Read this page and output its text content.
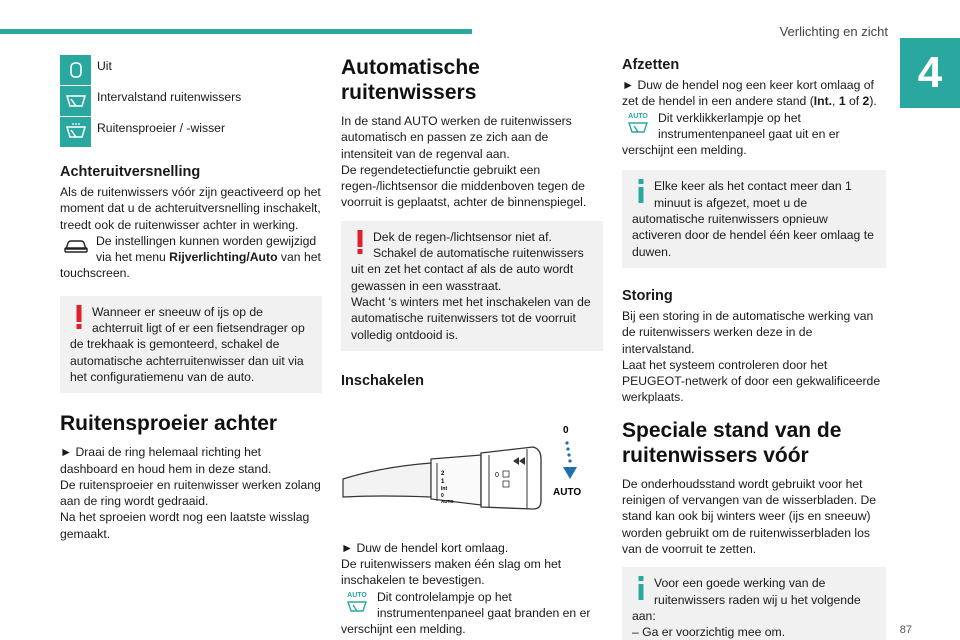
Verlichting en zicht
4
87
Uit
Intervalstand ruitenwissers
Ruitensproeier / -wisser
Achteruitversnelling

Als de ruitenwissers vóór zijn geactiveerd op het moment dat u de achteruitversnelling inschakelt, treedt ook de ruitenwisser achter in werking.

De instellingen kunnen worden gewijzigd via het menu Rijverlichting/Auto van het touchscreen.

Wanneer er sneeuw of ijs op de achterruit ligt of er een fietsendrager op de trekhaak is gemonteerd, schakel de automatische achterruitenwisser dan uit via het configuratiemenu van de auto.

Ruitensproeier achter

► Draai de ring helemaal richting het dashboard en houd hem in deze stand.

De ruitensproeier en ruitenwisser werken zolang aan de ring wordt gedraaid.

Na het sproeien wordt nog een laatste wisslag gemaakt.

Automatische ruitenwissers

In de stand AUTO werken de ruitenwissers automatisch en passen ze zich aan de intensiteit van de regenval aan.

De regendetectiefunctie gebruikt een regen-/lichtsensor die middenboven tegen de voorruit is geplaatst, achter de binnenspiegel.

Dek de regen-/lichtsensor niet af.

Schakel de automatische ruitenwissers uit en zet het contact af als de auto wordt gewassen in een wasstraat.

Wacht 's winters met het inschakelen van de automatische ruitenwissers tot de voorruit volledig ontdooid is.

Inschakelen
2
1
Int
0
AUTO
0
0
AUTO

► Duw de hendel kort omlaag.

De ruitenwissers maken één slag om het inschakelen te bevestigen.

AUTO Dit controlelampje op het instrumentenpaneel gaat branden en er verschijnt een melding.

Afzetten

► Duw de hendel nog een keer kort omlaag of zet de hendel in een andere stand (Int., 1 of 2).

AUTO Dit verklikkerlampje op het instrumentenpaneel gaat uit en er verschijnt een melding.

Elke keer als het contact meer dan 1 minuut is afgezet, moet u de automatische ruitenwissers opnieuw activeren door de hendel één keer omlaag te duwen.

Storing

Bij een storing in de automatische werking van de ruitenwissers werken deze in de intervalstand.

Laat het systeem controleren door het PEUGEOT-netwerk of door een gekwalificeerde werkplaats.

Speciale stand van de ruitenwissers vóór

De onderhoudsstand wordt gebruikt voor het reinigen of vervangen van de wisserbladen. De stand kan ook bij winters weer (ijs en sneeuw) worden gebruikt om de ruitenwisserbladen los van de voorruit te zetten.

Voor een goede werking van de ruitenwissers raden wij u het volgende aan:

– Ga er voorzichtig mee om.
